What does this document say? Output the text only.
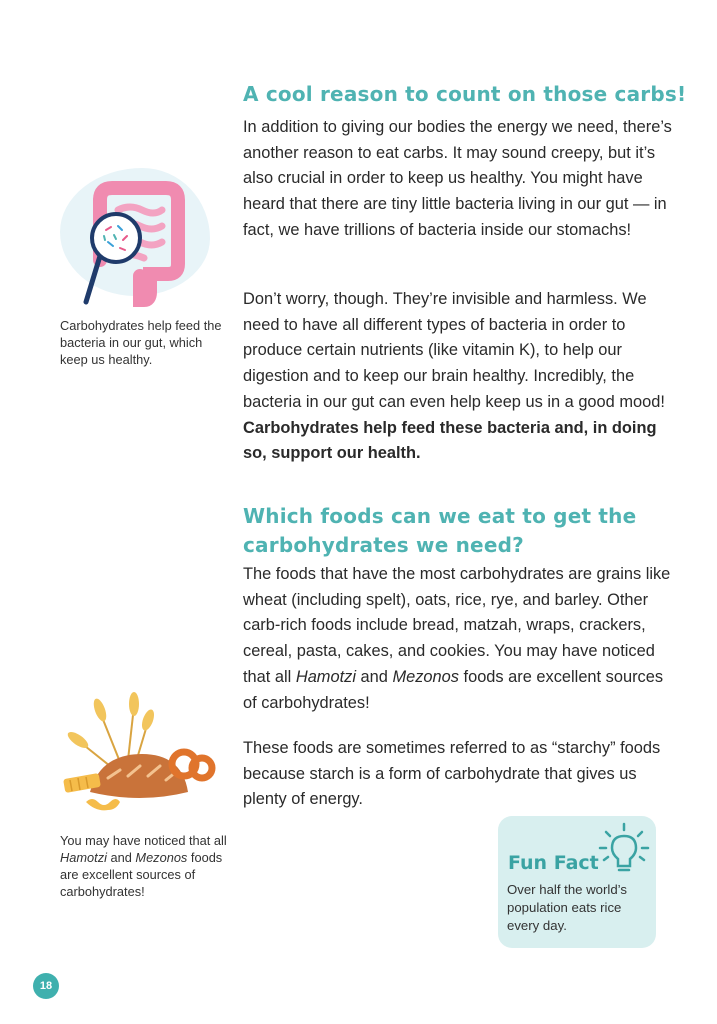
A cool reason to count on those carbs!

In addition to giving our bodies the energy we need, there’s another reason to eat carbs. It may sound creepy, but it’s also crucial in order to keep us healthy. You might have heard that there are tiny little bacteria living in our gut — in fact, we have trillions of bacteria inside our stomachs!

Don’t worry, though. They’re invisible and harmless. We need to have all different types of bacteria in order to produce certain nutrients (like vitamin K), to help our digestion and to keep our brain healthy. Incredibly, the bacteria in our gut can even help keep us in a good mood! Carbohydrates help feed these bacteria and, in doing so, support our health.

Carbohydrates help feed the bacteria in our gut, which keep us healthy.

Which foods can we eat to get the
carbohydrates we need?

The foods that have the most carbohydrates are grains like wheat (including spelt), oats, rice, rye, and barley. Other carb-rich foods include bread, matzah, wraps, crackers, cereal, pasta, cakes, and cookies. You may have noticed that all Hamotzi and Mezonos foods are excellent sources of carbohydrates!

These foods are sometimes referred to as “starchy” foods because starch is a form of carbohydrate that gives us plenty of energy.

You may have noticed that all Hamotzi and Mezonos foods are excellent sources of carbohydrates!

Fun Fact

Over half the world’s population eats rice every day.

18
